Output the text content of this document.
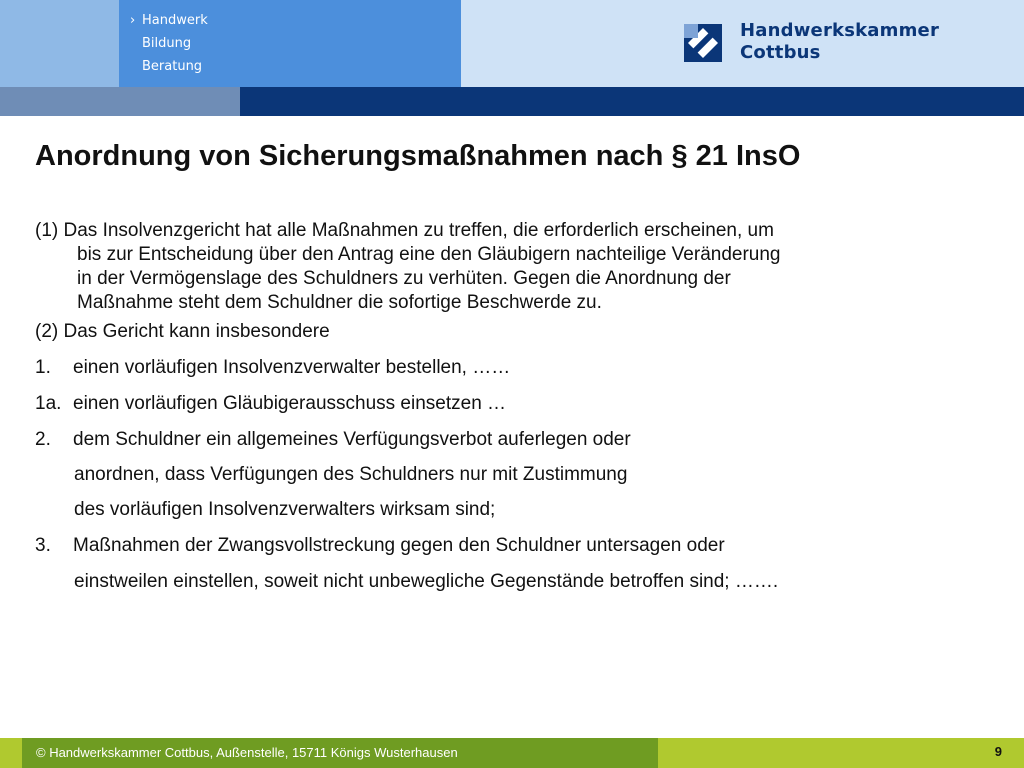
› Handwerk
Bildung
Beratung
Handwerkskammer
Cottbus
Anordnung von Sicherungsmaßnahmen nach § 21 InsO
(1) Das Insolvenzgericht hat alle Maßnahmen zu treffen, die erforderlich erscheinen, um
bis zur Entscheidung über den Antrag eine den Gläubigern nachteilige Veränderung
in der Vermögenslage des Schuldners zu verhüten. Gegen die Anordnung der
Maßnahme steht dem Schuldner die sofortige Beschwerde zu.
(2) Das Gericht kann insbesondere
1. einen vorläufigen Insolvenzverwalter bestellen, ……
1a. einen vorläufigen Gläubigerausschuss einsetzen …
2. dem Schuldner ein allgemeines Verfügungsverbot auferlegen oder
anordnen, dass Verfügungen des Schuldners nur mit Zustimmung
des vorläufigen Insolvenzverwalters wirksam sind;
3. Maßnahmen der Zwangsvollstreckung gegen den Schuldner untersagen oder
einstweilen einstellen, soweit nicht unbewegliche Gegenstände betroffen sind; …….
© Handwerkskammer Cottbus, Außenstelle, 15711 Königs Wusterhausen	9
